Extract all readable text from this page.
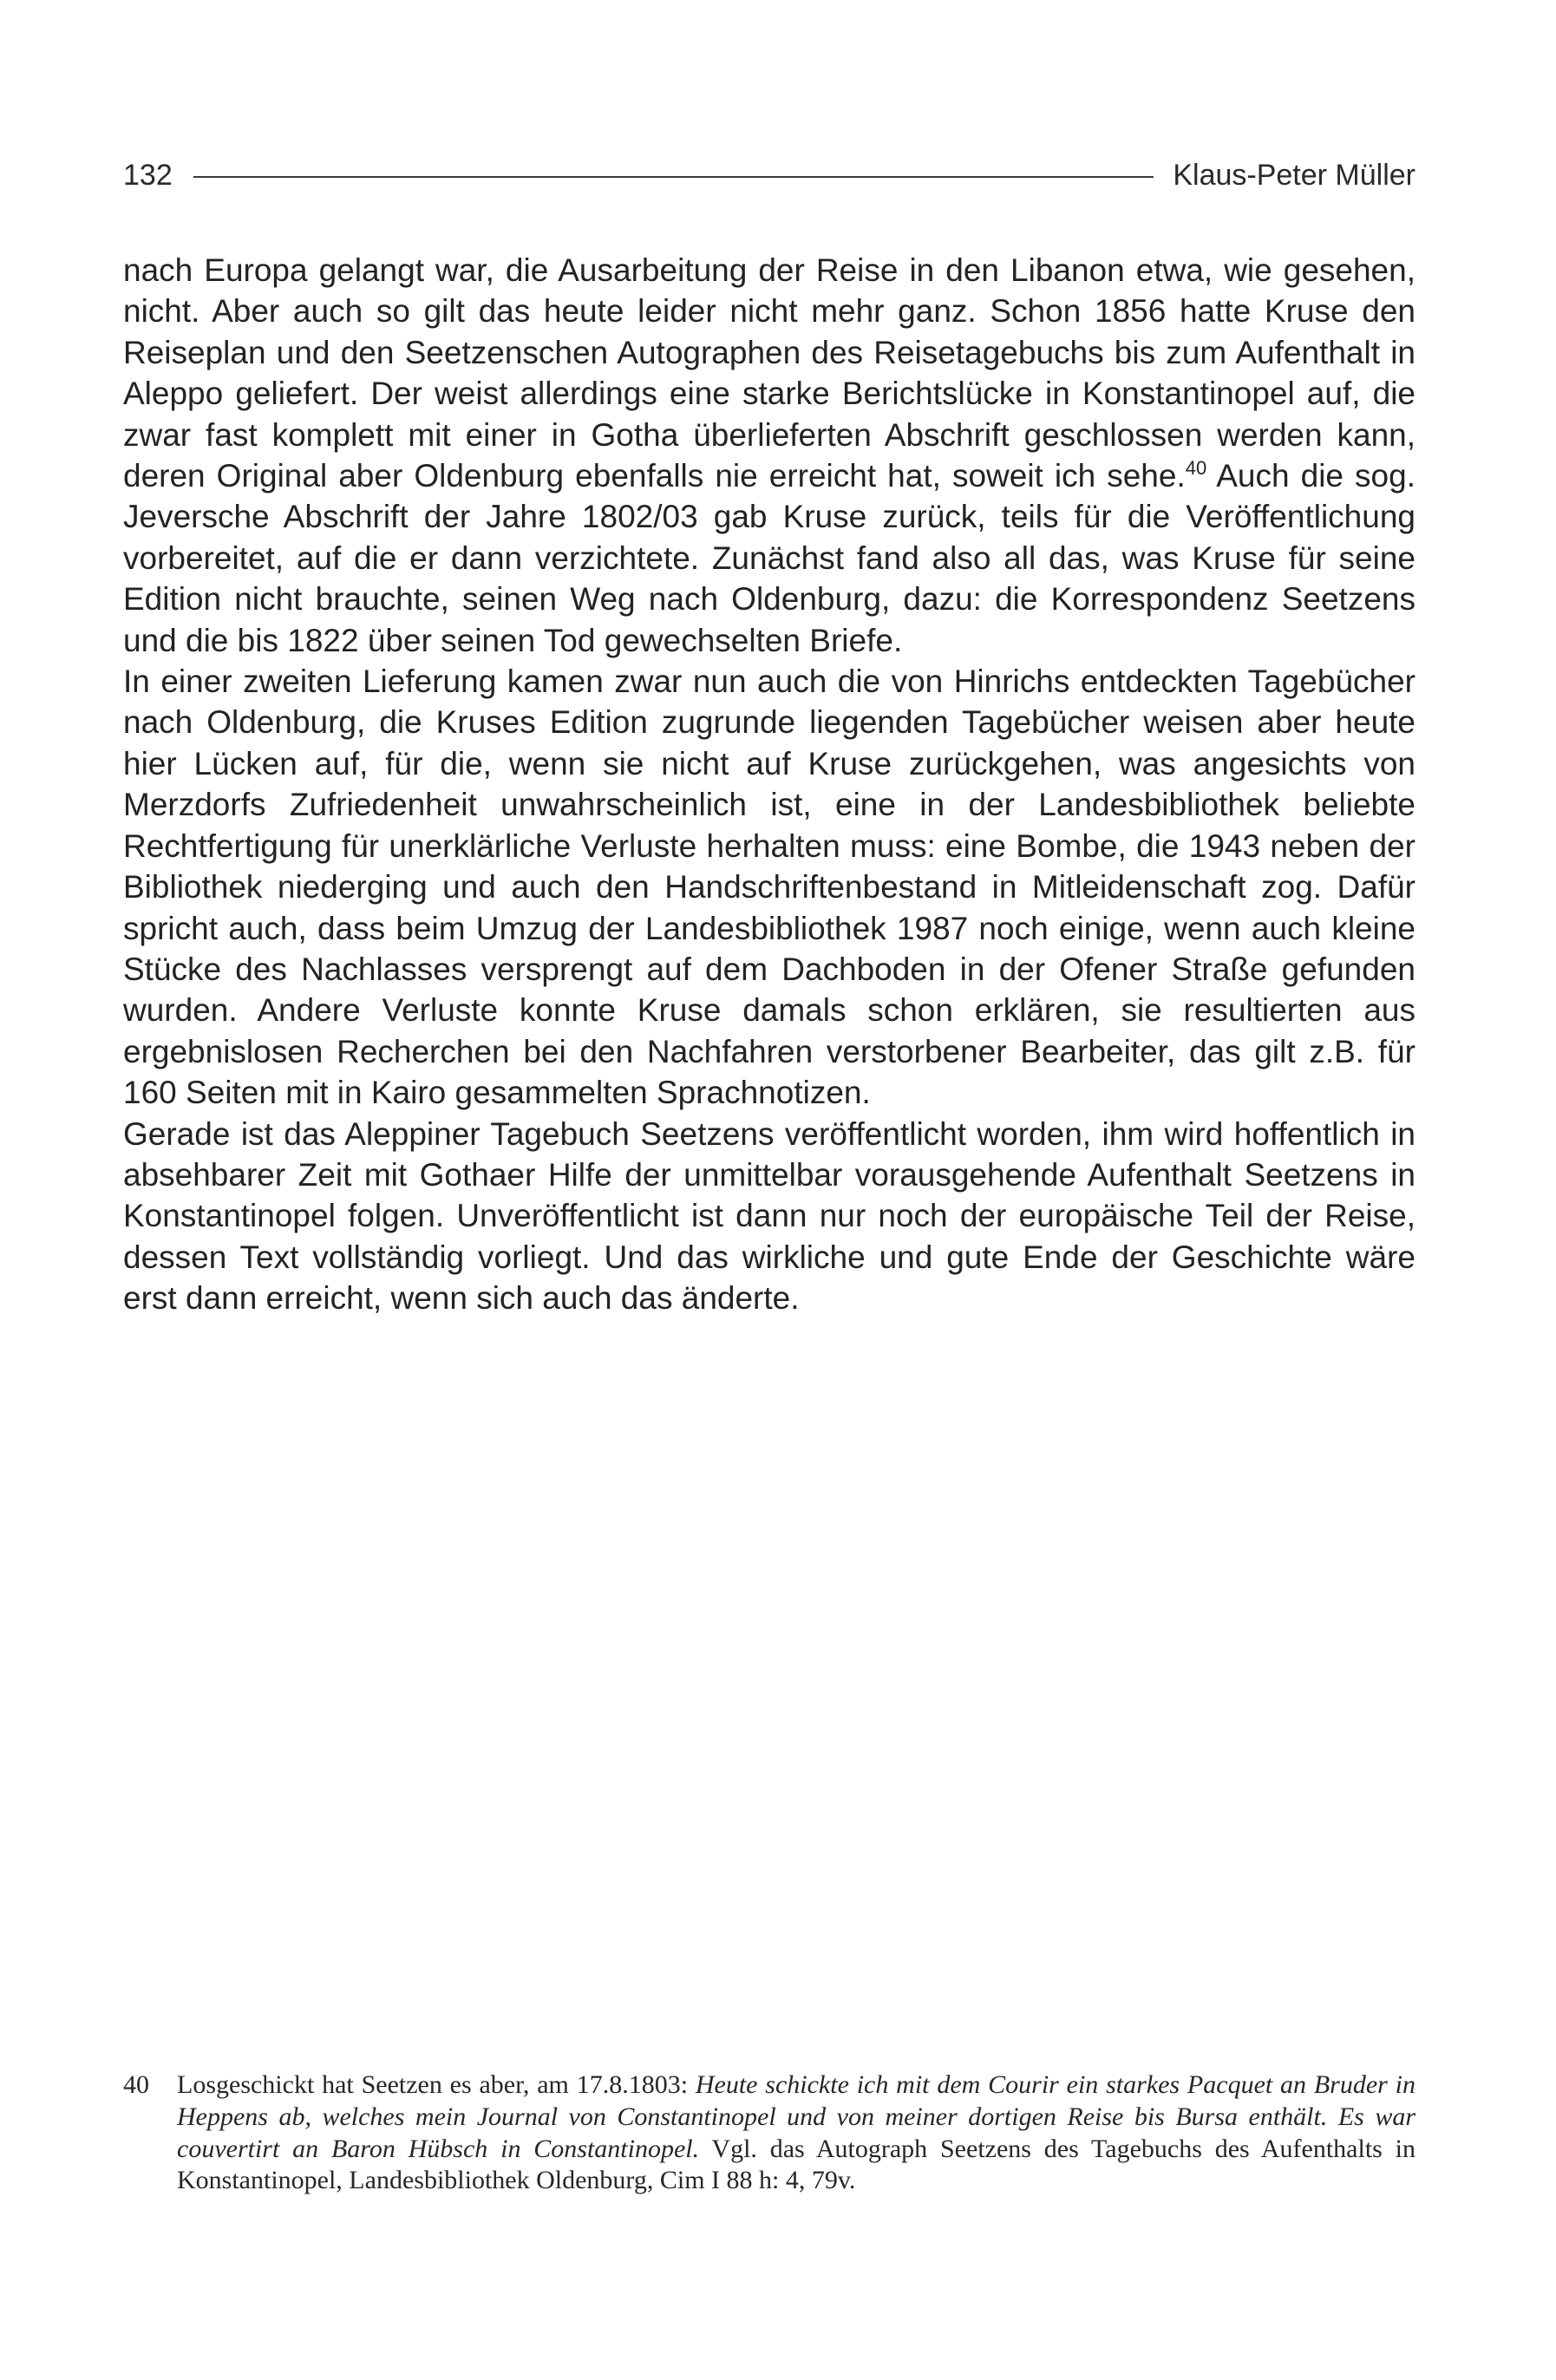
132	Klaus-Peter Müller

nach Europa gelangt war, die Ausarbeitung der Reise in den Libanon etwa, wie gesehen, nicht. Aber auch so gilt das heute leider nicht mehr ganz. Schon 1856 hatte Kruse den Reiseplan und den Seetzenschen Autographen des Reisetagebuchs bis zum Aufenthalt in Aleppo geliefert. Der weist allerdings eine starke Berichtslücke in Konstantinopel auf, die zwar fast komplett mit einer in Gotha überlieferten Abschrift geschlossen werden kann, deren Original aber Oldenburg ebenfalls nie erreicht hat, soweit ich sehe.$^{40}$ Auch die sog. Jeversche Abschrift der Jahre 1802/03 gab Kruse zurück, teils für die Veröffentlichung vorbereitet, auf die er dann verzichtete. Zunächst fand also all das, was Kruse für seine Edition nicht brauchte, seinen Weg nach Oldenburg, dazu: die Korrespondenz Seetzens und die bis 1822 über seinen Tod gewechselten Briefe.

In einer zweiten Lieferung kamen zwar nun auch die von Hinrichs entdeckten Tagebücher nach Oldenburg, die Kruses Edition zugrunde liegenden Tagebücher weisen aber heute hier Lücken auf, für die, wenn sie nicht auf Kruse zurückgehen, was angesichts von Merzdorfs Zufriedenheit unwahrscheinlich ist, eine in der Landesbibliothek beliebte Rechtfertigung für unerklärliche Verluste herhalten muss: eine Bombe, die 1943 neben der Bibliothek niederging und auch den Handschriftenbestand in Mitleidenschaft zog. Dafür spricht auch, dass beim Umzug der Landesbibliothek 1987 noch einige, wenn auch kleine Stücke des Nachlasses versprengt auf dem Dachboden in der Ofener Straße gefunden wurden. Andere Verluste konnte Kruse damals schon erklären, sie resultierten aus ergebnislosen Recherchen bei den Nachfahren verstorbener Bearbeiter, das gilt z.B. für 160 Seiten mit in Kairo gesammelten Sprachnotizen.

Gerade ist das Aleppiner Tagebuch Seetzens veröffentlicht worden, ihm wird hoffentlich in absehbarer Zeit mit Gothaer Hilfe der unmittelbar vorausgehende Aufenthalt Seetzens in Konstantinopel folgen. Unveröffentlicht ist dann nur noch der europäische Teil der Reise, dessen Text vollständig vorliegt. Und das wirkliche und gute Ende der Geschichte wäre erst dann erreicht, wenn sich auch das änderte.

40	Losgeschickt hat Seetzen es aber, am 17.8.1803: Heute schickte ich mit dem Courir ein starkes Pacquet an Bruder in Heppens ab, welches mein Journal von Constantinopel und von meiner dortigen Reise bis Bursa enthält. Es war couvertirt an Baron Hübsch in Constantinopel. Vgl. das Autograph Seetzens des Tagebuchs des Aufenthalts in Konstantinopel, Landesbibliothek Oldenburg, Cim I 88 h: 4, 79v.
